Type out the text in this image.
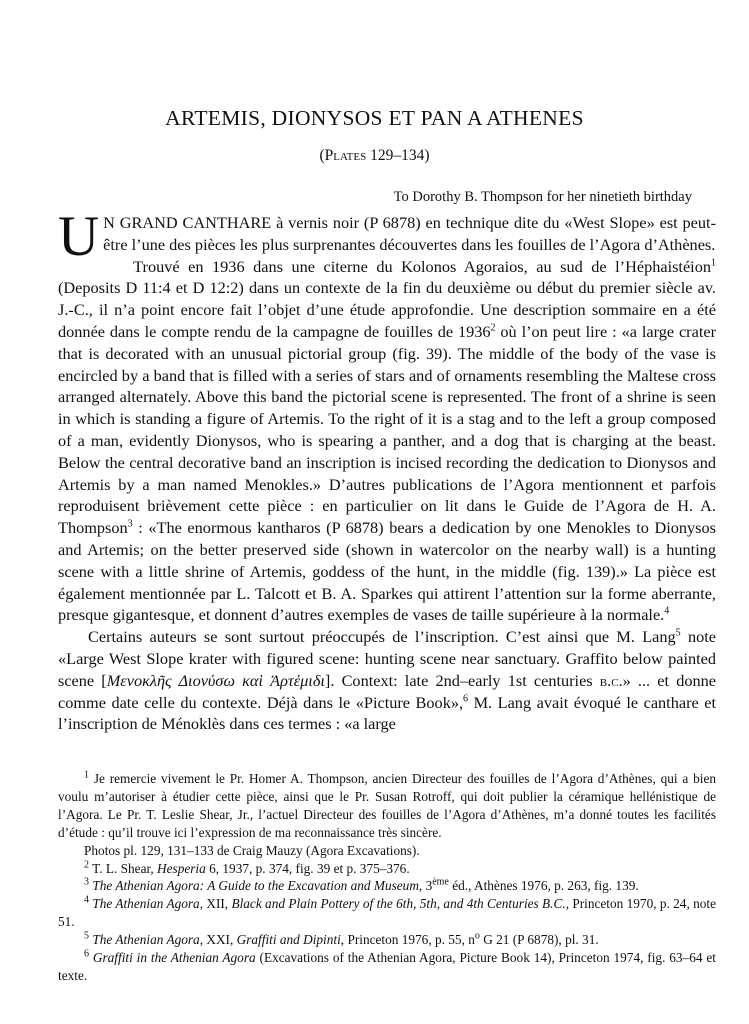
ARTEMIS, DIONYSOS ET PAN A ATHENES
(Plates 129–134)
To Dorothy B. Thompson for her ninetieth birthday

U N GRAND CANTHARE à vernis noir (P 6878) en technique dite du «West Slope» est peut-être l’une des pièces les plus surprenantes découvertes dans les fouilles de l’Agora d’Athènes.

Trouvé en 1936 dans une citerne du Kolonos Agoraios, au sud de l’Héphaistéion$^1$ (Deposits D 11:4 et D 12:2) dans un contexte de la fin du deuxième ou début du premier siècle av. J.-C., il n’a point encore fait l’objet d’une étude approfondie. Une description sommaire en a été donnée dans le compte rendu de la campagne de fouilles de 1936$^2$ où l’on peut lire : «a large crater that is decorated with an unusual pictorial group (fig. 39). The middle of the body of the vase is encircled by a band that is filled with a series of stars and of ornaments resembling the Maltese cross arranged alternately. Above this band the pictorial scene is represented. The front of a shrine is seen in which is standing a figure of Artemis. To the right of it is a stag and to the left a group composed of a man, evidently Dionysos, who is spearing a panther, and a dog that is charging at the beast. Below the central decorative band an inscription is incised recording the dedication to Dionysos and Artemis by a man named Menokles.» D’autres publications de l’Agora mentionnent et parfois reproduisent brièvement cette pièce : en particulier on lit dans le Guide de l’Agora de H. A. Thompson$^3$ : «The enormous kantharos (P 6878) bears a dedication by one Menokles to Dionysos and Artemis; on the better preserved side (shown in watercolor on the nearby wall) is a hunting scene with a little shrine of Artemis, goddess of the hunt, in the middle (fig. 139).» La pièce est également mentionnée par L. Talcott et B. A. Sparkes qui attirent l’attention sur la forme aberrante, presque gigantesque, et donnent d’autres exemples de vases de taille supérieure à la normale.$^4$

Certains auteurs se sont surtout préoccupés de l’inscription. C’est ainsi que M. Lang$^5$ note «Large West Slope krater with figured scene: hunting scene near sanctuary. Graffito below painted scene [Μενοκλῆς Διονύσω καὶ Ἀρτέμιδι]. Context: late 2nd–early 1st centuries b.c.» ... et donne comme date celle du contexte. Déjà dans le «Picture Book»,$^6$ M. Lang avait évoqué le canthare et l’inscription de Ménoklès dans ces termes : «a large

$^1$ Je remercie vivement le Pr. Homer A. Thompson, ancien Directeur des fouilles de l’Agora d’Athènes, qui a bien voulu m’autoriser à étudier cette pièce, ainsi que le Pr. Susan Rotroff, qui doit publier la céramique hellénistique de l’Agora. Le Pr. T. Leslie Shear, Jr., l’actuel Directeur des fouilles de l’Agora d’Athènes, m’a donné toutes les facilités d’étude : qu’il trouve ici l’expression de ma reconnaissance très sincère.

Photos pl. 129, 131–133 de Craig Mauzy (Agora Excavations).

$^2$ T. L. Shear, Hesperia 6, 1937, p. 374, fig. 39 et p. 375–376.

$^3$ The Athenian Agora: A Guide to the Excavation and Museum, 3ème éd., Athènes 1976, p. 263, fig. 139.

$^4$ The Athenian Agora, XII, Black and Plain Pottery of the 6th, 5th, and 4th Centuries B.C., Princeton 1970, p. 24, note 51.

$^5$ The Athenian Agora, XXI, Graffiti and Dipinti, Princeton 1976, p. 55, $n^o$ G 21 (P 6878), pl. 31.

$^6$ Graffiti in the Athenian Agora (Excavations of the Athenian Agora, Picture Book 14), Princeton 1974, fig. 63–64 et texte.
